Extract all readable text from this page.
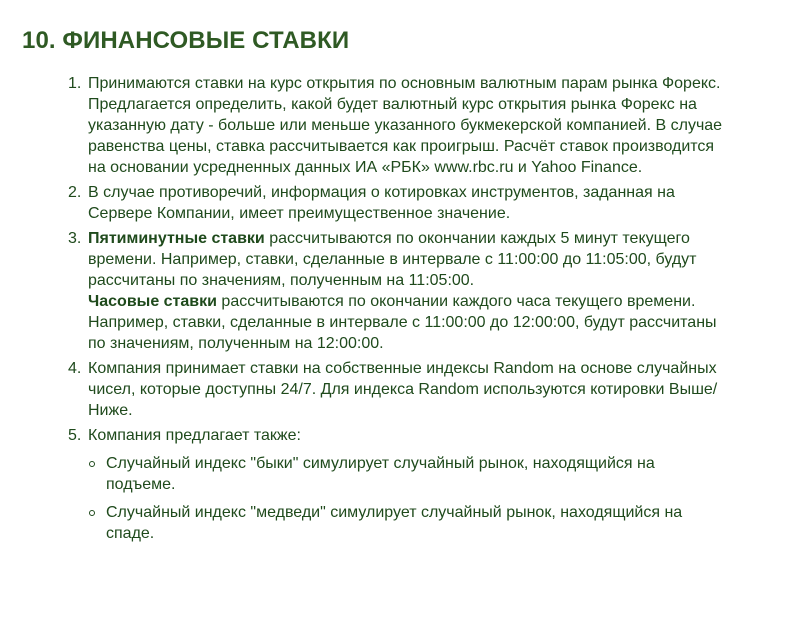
10. ФИНАНСОВЫЕ СТАВКИ
1. Принимаются ставки на курс открытия по основным валютным парам рынка Форекс. Предлагается определить, какой будет валютный курс открытия рынка Форекс на указанную дату - больше или меньше указанного букмекерской компанией. В случае равенства цены, ставка рассчитывается как проигрыш. Расчёт ставок производится на основании усредненных данных ИА «РБК» www.rbc.ru и Yahoo Finance.
2. В случае противоречий, информация о котировках инструментов, заданная на Сервере Компании, имеет преимущественное значение.
3. Пятиминутные ставки рассчитываются по окончании каждых 5 минут текущего времени. Например, ставки, сделанные в интервале с 11:00:00 до 11:05:00, будут рассчитаны по значениям, полученным на 11:05:00.
Часовые ставки рассчитываются по окончании каждого часа текущего времени. Например, ставки, сделанные в интервале с 11:00:00 до 12:00:00, будут рассчитаны по значениям, полученным на 12:00:00.
4. Компания принимает ставки на собственные индексы Random на основе случайных чисел, которые доступны 24/7. Для индекса Random используются котировки Выше/Ниже.
5. Компания предлагает также:
Случайный индекс "быки" симулирует случайный рынок, находящийся на подъеме.
Случайный индекс "медведи" симулирует случайный рынок, находящийся на спаде.
